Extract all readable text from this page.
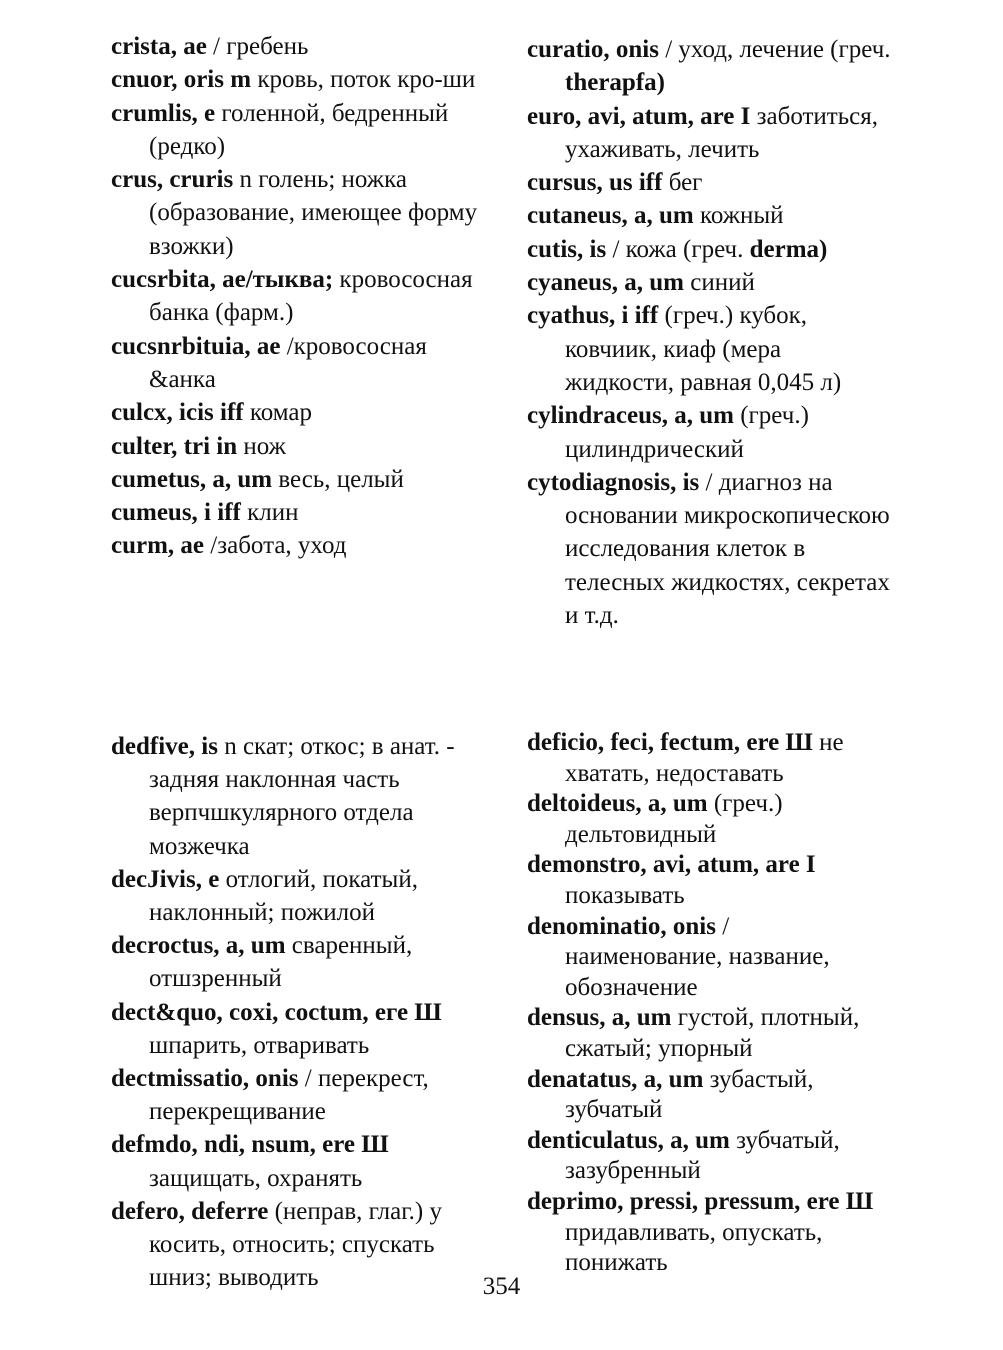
crista, ae / гребень
cnuor, oris m кровь, поток кро-ши
crumlis, e голенной, бедренный (редко)
crus, cruris n голень; ножка (образование, имеющее форму взожки)
cucsrbita, ae/тыква; кровососная банка (фарм.)
cucsnrbituia, ae /кровососная &анка
culcx, icis iff комар
culter, tri in нож
cumetus, a, um весь, целый
cumeus, i iff клин
curm, ae /забота, уход
curatio, onis / уход, лечение (греч. therapfa)
euro, avi, atum, are I заботиться, ухаживать, лечить
cursus, us iff бег
cutaneus, a, um кожный
cutis, is / кожа (греч. derma)
cyaneus, a, um синий
cyathus, i iff (греч.) кубок, ковчиик, киаф (мера жидкости, равная 0,045 л)
cylindraceus, a, um (греч.) цилиндрический
cytodiagnosis, is / диагноз на основании микроскопическою исследования клеток в телесных жидкостях, секретах и т.д.
dedfive, is n скат; откос; в анат. - задняя наклонная часть верпчшкулярного отдела мозжечка
decJivis, e отлогий, покатый, наклонный; пожилой
decroctus, a, um сваренный, отшзренный
dect&quo, coxi, coctum, еге Ш шпарить, отваривать
dectmissatio, onis / перекрест, перекрещивание
defmdo, ndi, nsum, ere Ш защищать, охранять
defero, deferre (неправ, глаг.) у косить, относить; спускать шниз; выводить
deficio, feci, fectum, ere Ш не хватать, недоставать
deltoideus, a, um (греч.) дельтовидный
demonstro, avi, atum, are I показывать
denominatio, onis / наименование, название, обозначение
densus, a, um густой, плотный, сжатый; упорный
denatatus, a, um зубастый, зубчатый
denticulatus, a, um зубчатый, зазубренный
deprimo, pressi, pressum, ere Ш придавливать, опускать, понижать
354
